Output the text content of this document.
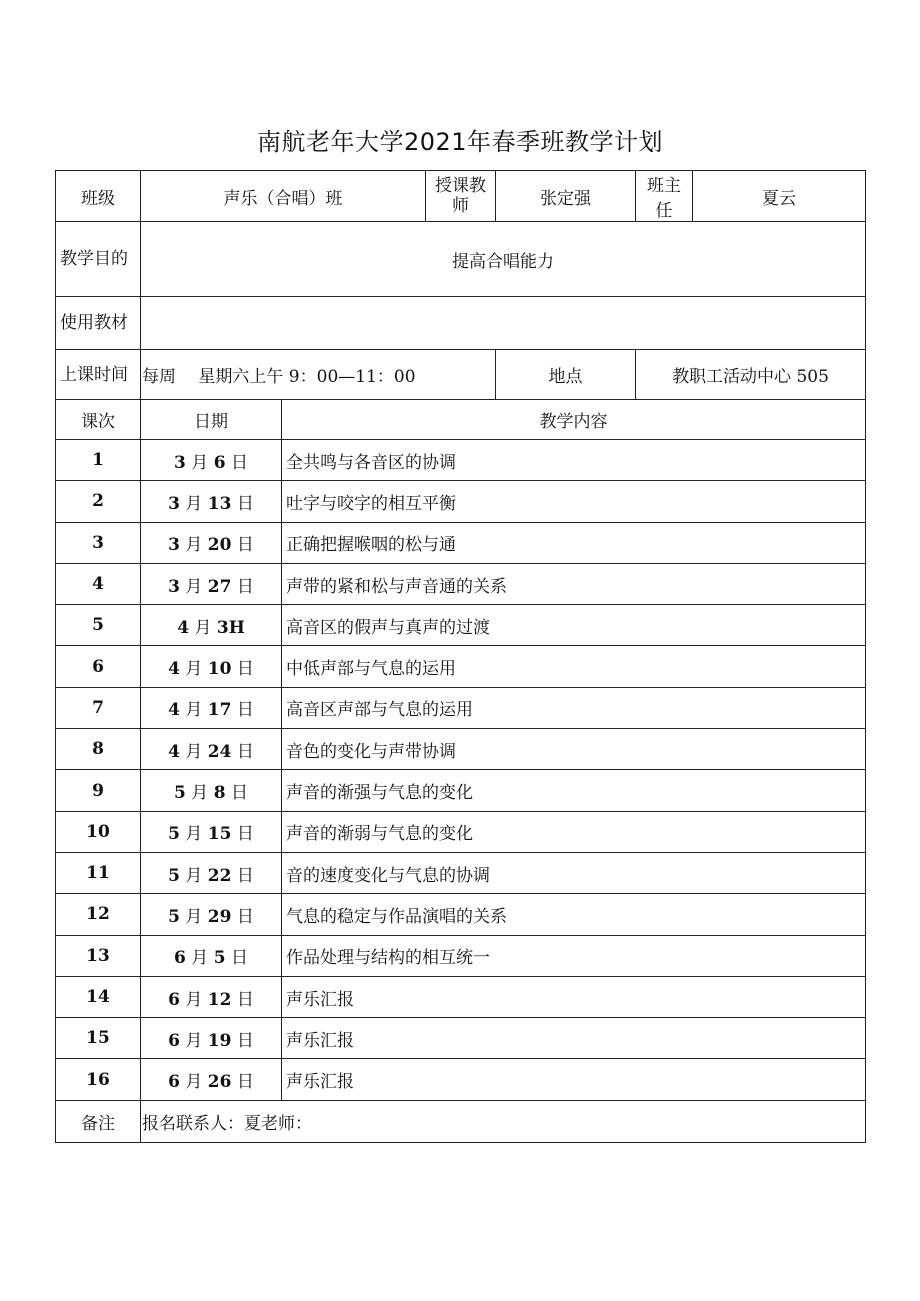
南航老年大学2021年春季班教学计划
班级	声乐（合唱）班		授课教师	张定强	班主任	夏云
教学目的	提高合唱能力					
使用教材						
上课时间	每周　 星期六上午 9：00—11：00			地点	教职工活动中心 505	
课次	日期	教学内容				
1	3 月 6 日	全共鸣与各音区的协调				
2	3 月 13 日	吐字与咬字的相互平衡				
3	3 月 20 日	正确把握喉咽的松与通				
4	3 月 27 日	声带的紧和松与声音通的关系				
5	4 月 3H	高音区的假声与真声的过渡				
6	4 月 10 日	中低声部与气息的运用				
7	4 月 17 日	高音区声部与气息的运用				
8	4 月 24 日	音色的变化与声带协调				
9	5 月 8 日	声音的渐强与气息的变化				
10	5 月 15 日	声音的渐弱与气息的变化				
11	5 月 22 日	音的速度变化与气息的协调				
12	5 月 29 日	气息的稳定与作品演唱的关系				
13	6 月 5 日	作品处理与结构的相互统一				
14	6 月 12 日	声乐汇报				
15	6 月 19 日	声乐汇报				
16	6 月 26 日	声乐汇报				
备注	报名联系人：夏老师：					
